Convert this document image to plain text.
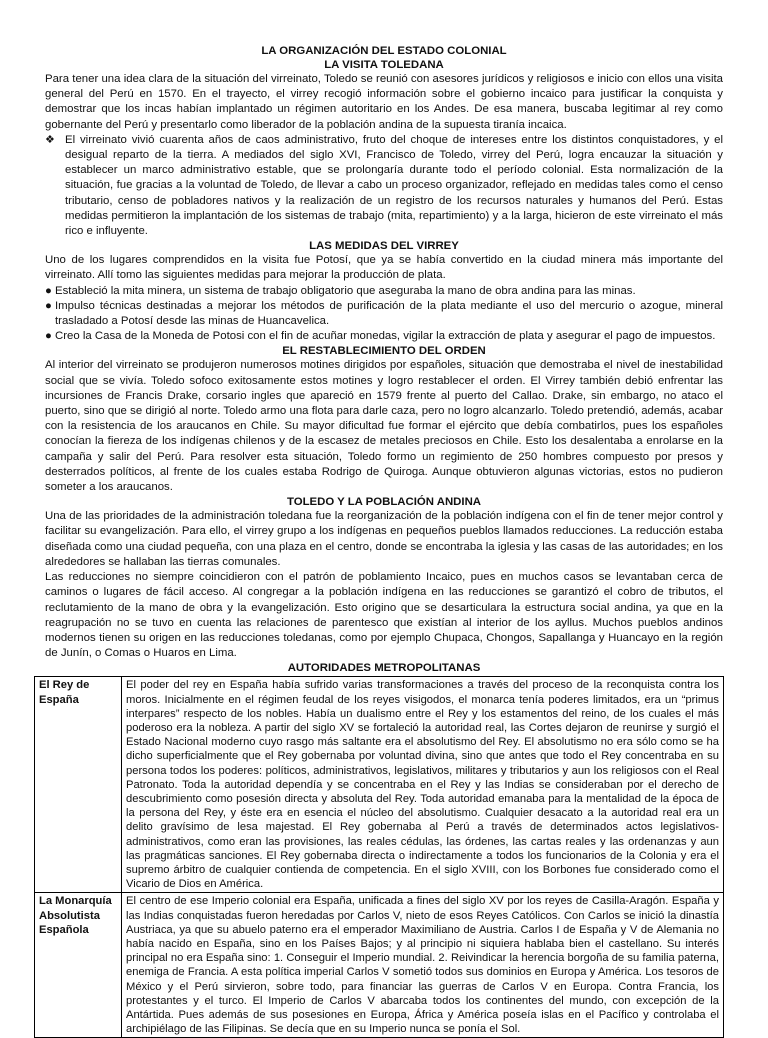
LA ORGANIZACIÓN DEL ESTADO COLONIAL
LA VISITA TOLEDANA

Para tener una idea clara de la situación del virreinato, Toledo se reunió con asesores jurídicos y religiosos e inicio con ellos una visita general del Perú en 1570. En el trayecto, el virrey recogió información sobre el gobierno incaico para justificar la conquista y demostrar que los incas habían implantado un régimen autoritario en los Andes. De esa manera, buscaba legitimar al rey como gobernante del Perú y presentarlo como liberador de la población andina de la supuesta tiranía incaica.

❖ El virreinato vivió cuarenta años de caos administrativo, fruto del choque de intereses entre los distintos conquistadores, y el desigual reparto de la tierra. A mediados del siglo XVI, Francisco de Toledo, virrey del Perú, logra encauzar la situación y establecer un marco administrativo estable, que se prolongaría durante todo el período colonial. Esta normalización de la situación, fue gracias a la voluntad de Toledo, de llevar a cabo un proceso organizador, reflejado en medidas tales como el censo tributario, censo de pobladores nativos y la realización de un registro de los recursos naturales y humanos del Perú. Estas medidas permitieron la implantación de los sistemas de trabajo (mita, repartimiento) y a la larga, hicieron de este virreinato el más rico e influyente.
LAS MEDIDAS DEL VIRREY

Uno de los lugares comprendidos en la visita fue Potosí, que ya se había convertido en la ciudad minera más importante del virreinato. Allí tomo las siguientes medidas para mejorar la producción de plata.

● Estableció la mita minera, un sistema de trabajo obligatorio que aseguraba la mano de obra andina para las minas.
● Impulso técnicas destinadas a mejorar los métodos de purificación de la plata mediante el uso del mercurio o azogue, mineral trasladado a Potosí desde las minas de Huancavelica.
● Creo la Casa de la Moneda de Potosi con el fin de acuñar monedas, vigilar la extracción de plata y asegurar el pago de impuestos.
EL RESTABLECIMIENTO DEL ORDEN

Al interior del virreinato se produjeron numerosos motines dirigidos por españoles, situación que demostraba el nivel de inestabilidad social que se vivía. Toledo sofoco exitosamente estos motines y logro restablecer el orden. El Virrey también debió enfrentar las incursiones de Francis Drake, corsario ingles que apareció en 1579 frente al puerto del Callao. Drake, sin embargo, no ataco el puerto, sino que se dirigió al norte. Toledo armo una flota para darle caza, pero no logro alcanzarlo. Toledo pretendió, además, acabar con la resistencia de los araucanos en Chile. Su mayor dificultad fue formar el ejército que debía combatirlos, pues los españoles conocían la fiereza de los indígenas chilenos y de la escasez de metales preciosos en Chile. Esto los desalentaba a enrolarse en la campaña y salir del Perú. Para resolver esta situación, Toledo formo un regimiento de 250 hombres compuesto por presos y desterrados políticos, al frente de los cuales estaba Rodrigo de Quiroga. Aunque obtuvieron algunas victorias, estos no pudieron someter a los araucanos.

TOLEDO Y LA POBLACIÓN ANDINA

Una de las prioridades de la administración toledana fue la reorganización de la población indígena con el fin de tener mejor control y facilitar su evangelización. Para ello, el virrey grupo a los indígenas en pequeños pueblos llamados reducciones. La reducción estaba diseñada como una ciudad pequeña, con una plaza en el centro, donde se encontraba la iglesia y las casas de las autoridades; en los alrededores se hallaban las tierras comunales.

Las reducciones no siempre coincidieron con el patrón de poblamiento Incaico, pues en muchos casos se levantaban cerca de caminos o lugares de fácil acceso. Al congregar a la población indígena en las reducciones se garantizó el cobro de tributos, el reclutamiento de la mano de obra y la evangelización. Esto origino que se desarticulara la estructura social andina, ya que en la reagrupación no se tuvo en cuenta las relaciones de parentesco que existían al interior de los ayllus. Muchos pueblos andinos modernos tienen su origen en las reducciones toledanas, como por ejemplo Chupaca, Chongos, Sapallanga y Huancayo en la región de Junín, o Comas o Huaros en Lima.

AUTORIDADES METROPOLITANAS
El Rey de España	El poder del rey en España había sufrido varias transformaciones a través del proceso de la reconquista contra los moros. Inicialmente en el régimen feudal de los reyes visigodos, el monarca tenía poderes limitados, era un “primus interpares” respecto de los nobles. Había un dualismo entre el Rey y los estamentos del reino, de los cuales el más poderoso era la nobleza. A partir del siglo XV se fortaleció la autoridad real, las Cortes dejaron de reunirse y surgió el Estado Nacional moderno cuyo rasgo más saltante era el absolutismo del Rey. El absolutismo no era sólo como se ha dicho superficialmente que el Rey gobernaba por voluntad divina, sino que antes que todo el Rey concentraba en su persona todos los poderes: políticos, administrativos, legislativos, militares y tributarios y aun los religiosos con el Real Patronato. Toda la autoridad dependía y se concentraba en el Rey y las Indias se consideraban por el derecho de descubrimiento como posesión directa y absoluta del Rey. Toda autoridad emanaba para la mentalidad de la época de la persona del Rey, y éste era en esencia el núcleo del absolutismo. Cualquier desacato a la autoridad real era un delito gravísimo de lesa majestad. El Rey gobernaba al Perú a través de determinados actos legislativos-administrativos, como eran las provisiones, las reales cédulas, las órdenes, las cartas reales y las ordenanzas y aun las pragmáticas sanciones. El Rey gobernaba directa o indirectamente a todos los funcionarios de la Colonia y era el supremo árbitro de cualquier contienda de competencia. En el siglo XVIII, con los Borbones fue considerado como el Vicario de Dios en América.
La Monarquía Absolutista Española	El centro de ese Imperio colonial era España, unificada a fines del siglo XV por los reyes de Casilla-Aragón. España y las Indias conquistadas fueron heredadas por Carlos V, nieto de esos Reyes Católicos. Con Carlos se inició la dinastía Austriaca, ya que su abuelo paterno era el emperador Maximiliano de Austria. Carlos I de España y V de Alemania no había nacido en España, sino en los Países Bajos; y al principio ni siquiera hablaba bien el castellano. Su interés principal no era España sino: 1. Conseguir el Imperio mundial. 2. Reivindicar la herencia borgoña de su familia paterna, enemiga de Francia. A esta política imperial Carlos V sometió todos sus dominios en Europa y América. Los tesoros de México y el Perú sirvieron, sobre todo, para financiar las guerras de Carlos V en Europa. Contra Francia, los protestantes y el turco. El Imperio de Carlos V abarcaba todos los continentes del mundo, con excepción de la Antártida. Pues además de sus posesiones en Europa, África y América poseía islas en el Pacífico y controlaba el archipiélago de las Filipinas. Se decía que en su Imperio nunca se ponía el Sol.
